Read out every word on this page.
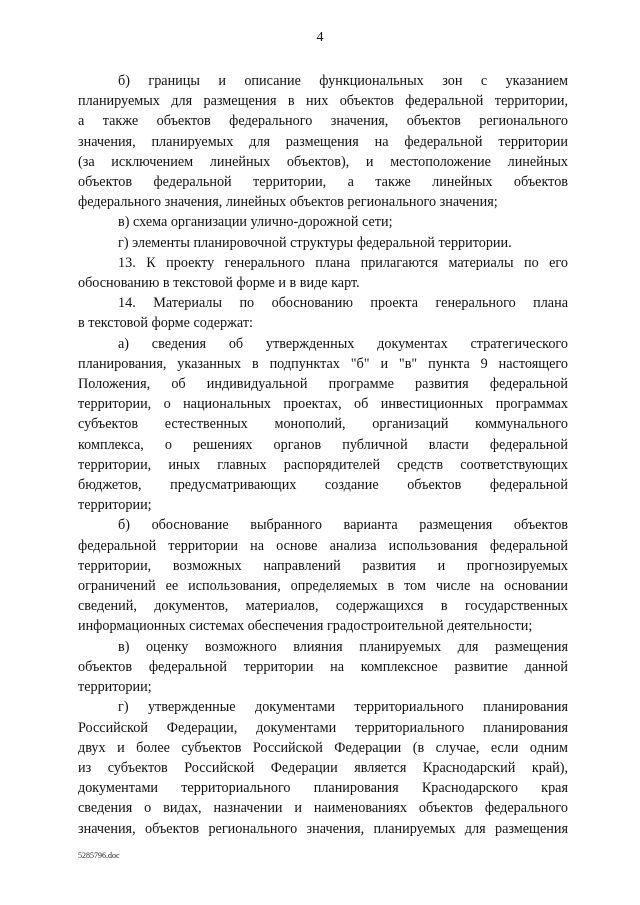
4
б) границы и описание функциональных зон с указанием
планируемых для размещения в них объектов федеральной территории,
а также объектов федерального значения, объектов регионального
значения, планируемых для размещения на федеральной территории
(за исключением линейных объектов), и местоположение линейных
объектов федеральной территории, а также линейных объектов
федерального значения, линейных объектов регионального значения;
в) схема организации улично-дорожной сети;
г) элементы планировочной структуры федеральной территории.
13. К проекту генерального плана прилагаются материалы по его
обоснованию в текстовой форме и в виде карт.
14. Материалы по обоснованию проекта генерального плана
в текстовой форме содержат:
а) сведения об утвержденных документах стратегического
планирования, указанных в подпунктах "б" и "в" пункта 9 настоящего
Положения, об индивидуальной программе развития федеральной
территории, о национальных проектах, об инвестиционных программах
субъектов естественных монополий, организаций коммунального
комплекса, о решениях органов публичной власти федеральной
территории, иных главных распорядителей средств соответствующих
бюджетов, предусматривающих создание объектов федеральной
территории;
б) обоснование выбранного варианта размещения объектов
федеральной территории на основе анализа использования федеральной
территории, возможных направлений развития и прогнозируемых
ограничений ее использования, определяемых в том числе на основании
сведений, документов, материалов, содержащихся в государственных
информационных системах обеспечения градостроительной деятельности;
в) оценку возможного влияния планируемых для размещения
объектов федеральной территории на комплексное развитие данной
территории;
г) утвержденные документами территориального планирования
Российской Федерации, документами территориального планирования
двух и более субъектов Российской Федерации (в случае, если одним
из субъектов Российской Федерации является Краснодарский край),
документами территориального планирования Краснодарского края
сведения о видах, назначении и наименованиях объектов федерального
значения, объектов регионального значения, планируемых для размещения
5285796.doc
